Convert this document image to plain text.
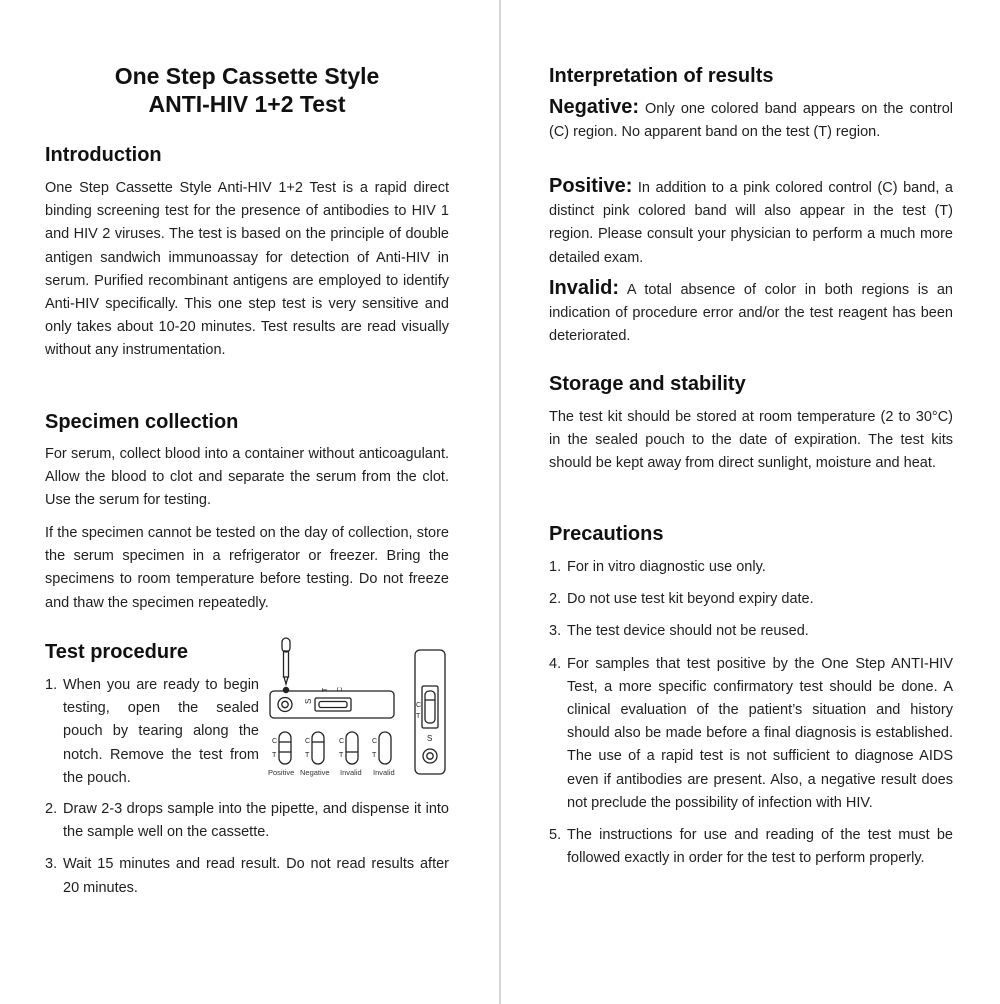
One Step Cassette Style
ANTI-HIV 1+2 Test
Introduction

One Step Cassette Style Anti-HIV 1+2 Test is a rapid direct binding screening test for the presence of antibodies to HIV 1 and HIV 2 viruses. The test is based on the principle of double antigen sandwich immunoassay for detection of Anti-HIV in serum. Purified recombinant antigens are employed to identify Anti-HIV specifically. This one step test is very sensitive and only takes about 10-20 minutes. Test results are read visually without any instrumentation.

Specimen collection

For serum, collect blood into a container without anticoagulant. Allow the blood to clot and separate the serum from the clot. Use the serum for testing.

If the specimen cannot be tested on the day of collection, store the serum specimen in a refrigerator or freezer. Bring the specimens to room temperature before testing. Do not freeze and thaw the specimen repeatedly.

Test procedure
1. When you are ready to begin testing, open the sealed pouch by tearing along the notch. Remove the test from the pouch.
2. Draw 2-3 drops sample into the pipette, and dispense it into the sample well on the cassette.
3. Wait 15 minutes and read result. Do not read results after 20 minutes.
S
T C
C
T
S
C
T
C
T
C
T
C
T
Positive Negative Invalid Invalid
Interpretation of results
Negative: Only one colored band appears on the control (C) region. No apparent band on the test (T) region.
Positive: In addition to a pink colored control (C) band, a distinct pink colored band will also appear in the test (T) region. Please consult your physician to perform a much more detailed exam.
Invalid: A total absence of color in both regions is an indication of procedure error and/or the test reagent has been deteriorated.
Storage and stability

The test kit should be stored at room temperature (2 to 30°C) in the sealed pouch to the date of expiration. The test kits should be kept away from direct sunlight, moisture and heat.

Precautions
1. For in vitro diagnostic use only.
2. Do not use test kit beyond expiry date.
3. The test device should not be reused.
4. For samples that test positive by the One Step ANTI-HIV Test, a more specific confirmatory test should be done. A clinical evaluation of the patient’s situation and history should also be made before a final diagnosis is established. The use of a rapid test is not sufficient to diagnose AIDS even if antibodies are present. Also, a negative result does not preclude the possibility of infection with HIV.
5. The instructions for use and reading of the test must be followed exactly in order for the test to perform properly.
